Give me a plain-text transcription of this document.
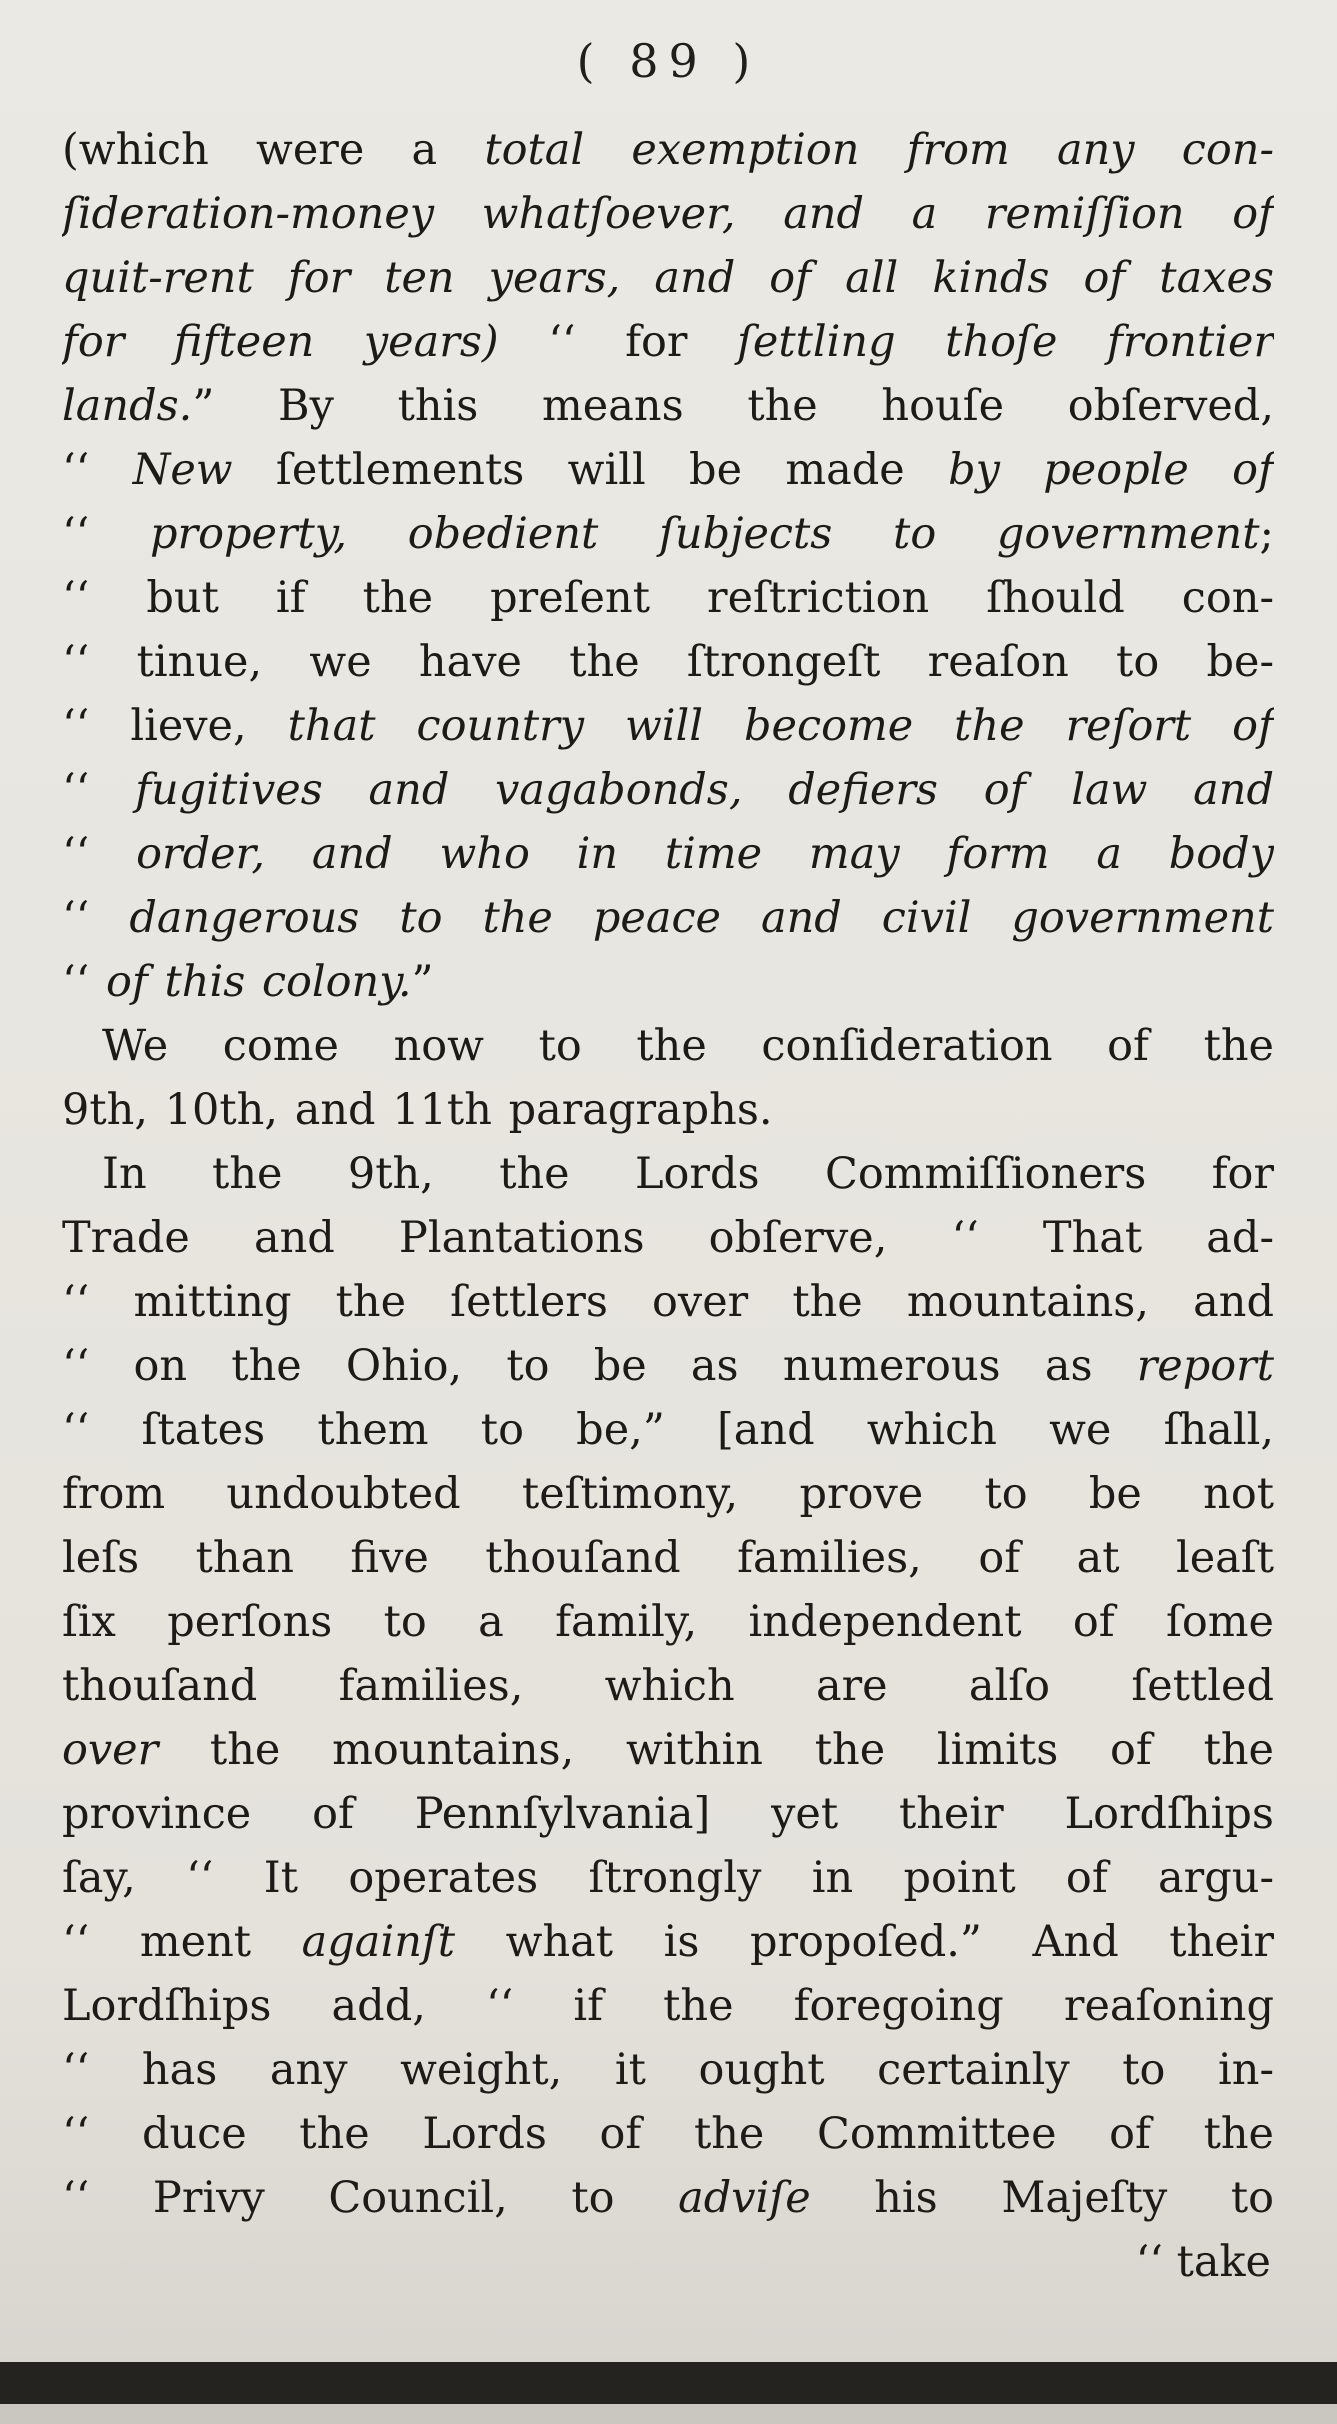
( 89 )
(which were a total exemption from any con-
ſideration-money whatſoever, and a remiſſion of
quit-rent for ten years, and of all kinds of taxes
for fifteen years) ‘‘ for ſettling thoſe frontier
lands.” By this means the houſe obſerved,
‘‘ New ſettlements will be made by people of
‘‘ property, obedient ſubjects to government;
‘‘ but if the preſent reſtriction ſhould con-
‘‘ tinue, we have the ſtrongeſt reaſon to be-
‘‘ lieve, that country will become the reſort of
‘‘ fugitives and vagabonds, defiers of law and
‘‘ order, and who in time may form a body
‘‘ dangerous to the peace and civil government
‘‘ of this colony.”
We come now to the conſideration of the
9th, 10th, and 11th paragraphs.
In the 9th, the Lords Commiſſioners for
Trade and Plantations obſerve, ‘‘ That ad-
‘‘ mitting the ſettlers over the mountains, and
‘‘ on the Ohio, to be as numerous as report
‘‘ ſtates them to be,” [and which we ſhall,
from undoubted teſtimony, prove to be not
leſs than five thouſand families, of at leaſt
ſix perſons to a family, independent of ſome
thouſand families, which are alſo ſettled
over the mountains, within the limits of the
province of Pennſylvania] yet their Lordſhips
ſay, ‘‘ It operates ſtrongly in point of argu-
‘‘ ment againſt what is propoſed.” And their
Lordſhips add, ‘‘ if the foregoing reaſoning
‘‘ has any weight, it ought certainly to in-
‘‘ duce the Lords of the Committee of the
‘‘ Privy Council, to adviſe his Majeſty to
‘‘ take
